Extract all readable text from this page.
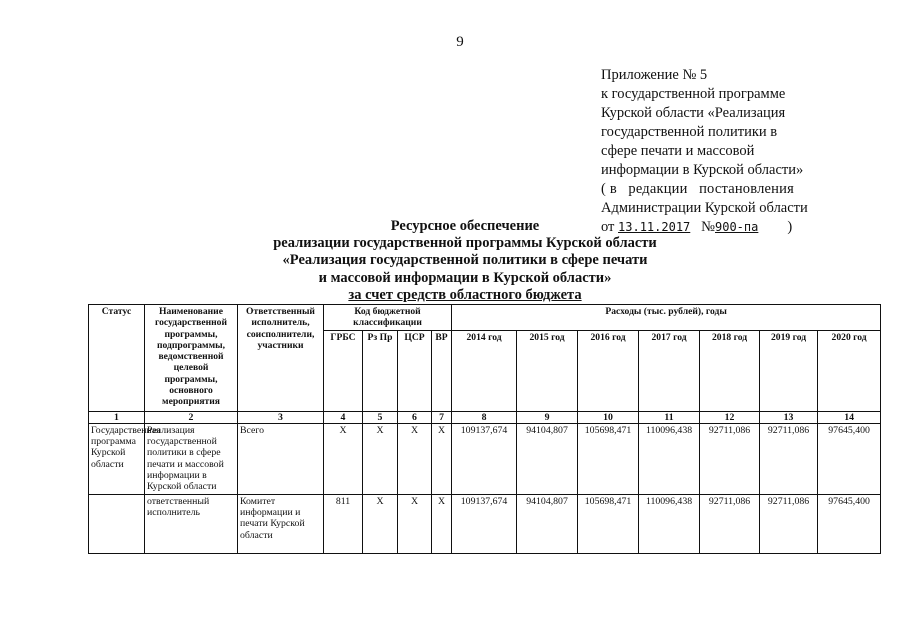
9
Приложение № 5
к государственной программе
Курской области «Реализация
государственной политики в
сфере печати и массовой
информации в Курской области»
( в   редакции   постановления
Администрации Курской области
от 13.11.2017 №900-па )
Ресурсное обеспечение
реализации государственной программы Курской области
«Реализация государственной политики в сфере печати
и массовой информации в Курской области»
за счет средств областного бюджета
Статус	Наименование государственной программы, подпрограммы, ведомственной целевой программы, основного мероприятия	Ответственный исполнитель, соисполнители, участники	Код бюджетной классификации				Расходы (тыс. рублей), годы						
			ГРБС	Рз Пр	ЦСР	ВР	2014 год	2015 год	2016 год	2017 год	2018 год	2019 год	2020 год
1	2	3	4	5	6	7	8	9	10	11	12	13	14
Государственная программа Курской области	Реализация государственной политики в сфере печати и массовой информации в Курской области	Всего	Х	Х	Х	Х	109137,674	94104,807	105698,471	110096,438	92711,086	92711,086	97645,400
	ответственный исполнитель	Комитет информации и печати Курской области	811	Х	Х	Х	109137,674	94104,807	105698,471	110096,438	92711,086	92711,086	97645,400
